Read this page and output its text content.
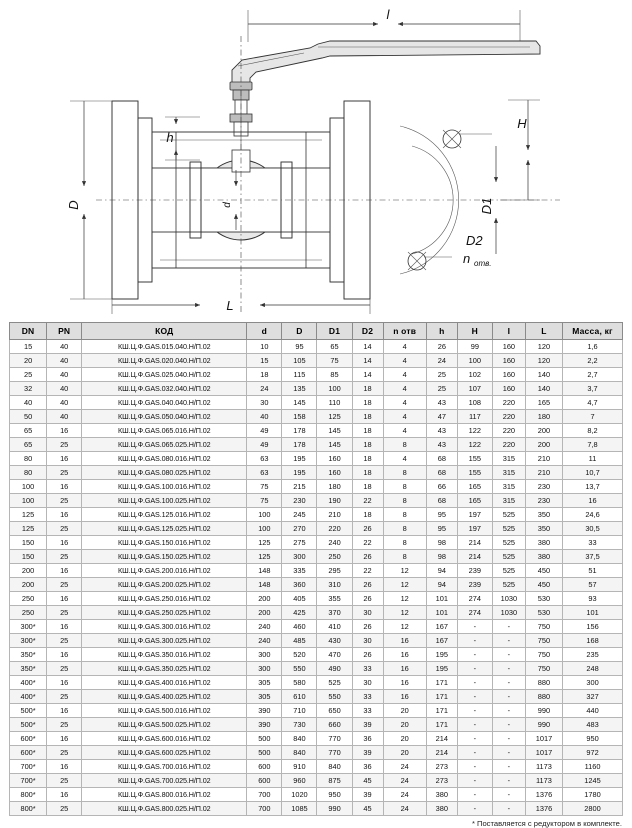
l
H
D1
D2
n отв.
D	d
h
L
DN	PN	КОД	d	D	D1	D2	n отв	h	H	I	L	Масса, кг
15	40	КШ.Ц.Ф.GAS.015.040.Н/П.02	10	95	65	14	4	26	99	160	120	1,6
20	40	КШ.Ц.Ф.GAS.020.040.Н/П.02	15	105	75	14	4	24	100	160	120	2,2
25	40	КШ.Ц.Ф.GAS.025.040.Н/П.02	18	115	85	14	4	25	102	160	140	2,7
32	40	КШ.Ц.Ф.GAS.032.040.Н/П.02	24	135	100	18	4	25	107	160	140	3,7
40	40	КШ.Ц.Ф.GAS.040.040.Н/П.02	30	145	110	18	4	43	108	220	165	4,7
50	40	КШ.Ц.Ф.GAS.050.040.Н/П.02	40	158	125	18	4	47	117	220	180	7
65	16	КШ.Ц.Ф.GAS.065.016.Н/П.02	49	178	145	18	4	43	122	220	200	8,2
65	25	КШ.Ц.Ф.GAS.065.025.Н/П.02	49	178	145	18	8	43	122	220	200	7,8
80	16	КШ.Ц.Ф.GAS.080.016.Н/П.02	63	195	160	18	4	68	155	315	210	11
80	25	КШ.Ц.Ф.GAS.080.025.Н/П.02	63	195	160	18	8	68	155	315	210	10,7
100	16	КШ.Ц.Ф.GAS.100.016.Н/П.02	75	215	180	18	8	66	165	315	230	13,7
100	25	КШ.Ц.Ф.GAS.100.025.Н/П.02	75	230	190	22	8	68	165	315	230	16
125	16	КШ.Ц.Ф.GAS.125.016.Н/П.02	100	245	210	18	8	95	197	525	350	24,6
125	25	КШ.Ц.Ф.GAS.125.025.Н/П.02	100	270	220	26	8	95	197	525	350	30,5
150	16	КШ.Ц.Ф.GAS.150.016.Н/П.02	125	275	240	22	8	98	214	525	380	33
150	25	КШ.Ц.Ф.GAS.150.025.Н/П.02	125	300	250	26	8	98	214	525	380	37,5
200	16	КШ.Ц.Ф.GAS.200.016.Н/П.02	148	335	295	22	12	94	239	525	450	51
200	25	КШ.Ц.Ф.GAS.200.025.Н/П.02	148	360	310	26	12	94	239	525	450	57
250	16	КШ.Ц.Ф.GAS.250.016.Н/П.02	200	405	355	26	12	101	274	1030	530	93
250	25	КШ.Ц.Ф.GAS.250.025.Н/П.02	200	425	370	30	12	101	274	1030	530	101
300*	16	КШ.Ц.Ф.GAS.300.016.Н/П.02	240	460	410	26	12	167	-	-	750	156
300*	25	КШ.Ц.Ф.GAS.300.025.Н/П.02	240	485	430	30	16	167	-	-	750	168
350*	16	КШ.Ц.Ф.GAS.350.016.Н/П.02	300	520	470	26	16	195	-	-	750	235
350*	25	КШ.Ц.Ф.GAS.350.025.Н/П.02	300	550	490	33	16	195	-	-	750	248
400*	16	КШ.Ц.Ф.GAS.400.016.Н/П.02	305	580	525	30	16	171	-	-	880	300
400*	25	КШ.Ц.Ф.GAS.400.025.Н/П.02	305	610	550	33	16	171	-	-	880	327
500*	16	КШ.Ц.Ф.GAS.500.016.Н/П.02	390	710	650	33	20	171	-	-	990	440
500*	25	КШ.Ц.Ф.GAS.500.025.Н/П.02	390	730	660	39	20	171	-	-	990	483
600*	16	КШ.Ц.Ф.GAS.600.016.Н/П.02	500	840	770	36	20	214	-	-	1017	950
600*	25	КШ.Ц.Ф.GAS.600.025.Н/П.02	500	840	770	39	20	214	-	-	1017	972
700*	16	КШ.Ц.Ф.GAS.700.016.Н/П.02	600	910	840	36	24	273	-	-	1173	1160
700*	25	КШ.Ц.Ф.GAS.700.025.Н/П.02	600	960	875	45	24	273	-	-	1173	1245
800*	16	КШ.Ц.Ф.GAS.800.016.Н/П.02	700	1020	950	39	24	380	-	-	1376	1780
800*	25	КШ.Ц.Ф.GAS.800.025.Н/П.02	700	1085	990	45	24	380	-	-	1376	2800
* Поставляется с редуктором в комплекте.
